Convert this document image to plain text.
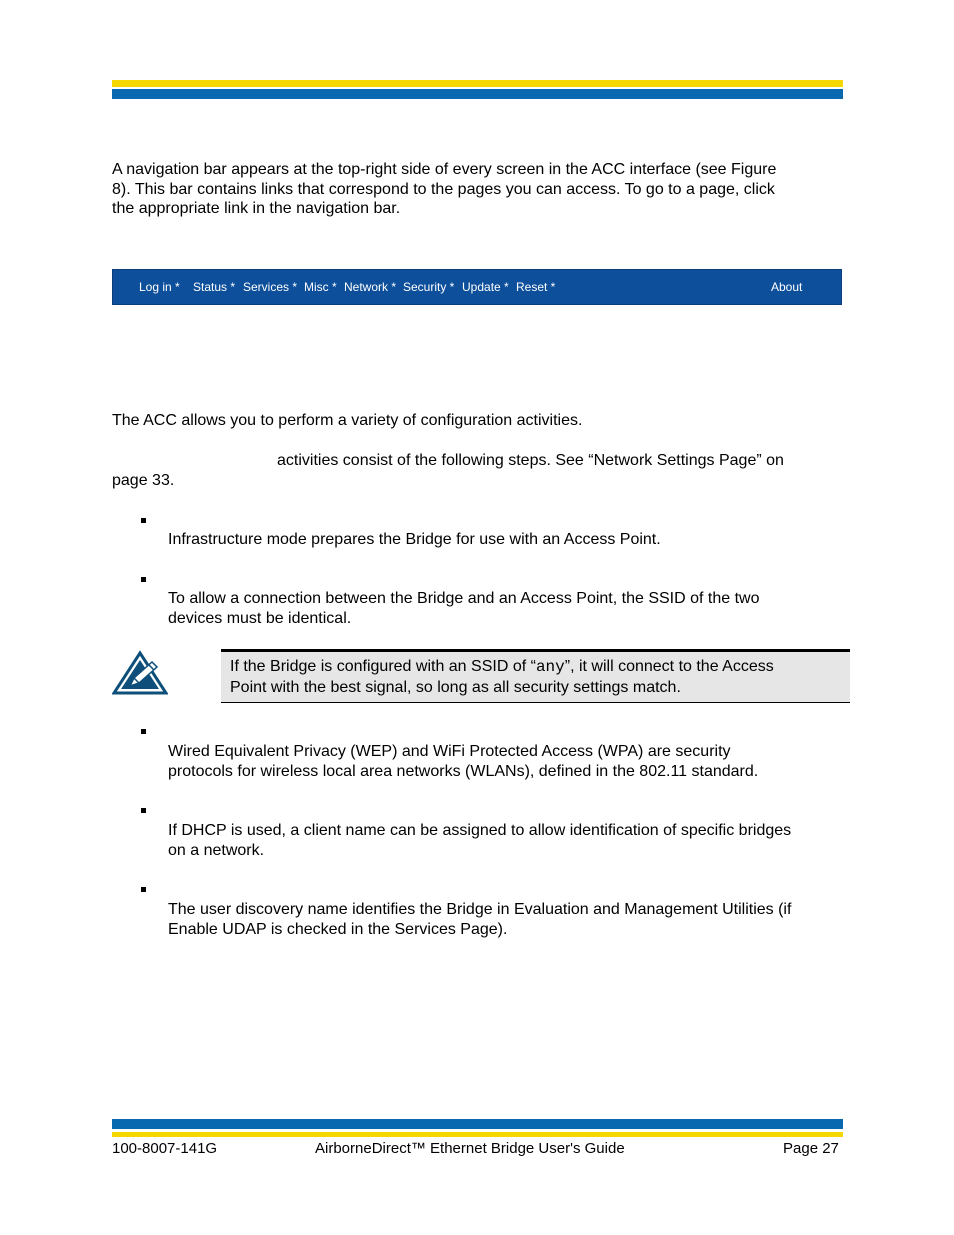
A navigation bar appears at the top-right side of every screen in the ACC interface (see Figure
8). This bar contains links that correspond to the pages you can access. To go to a page, click
the appropriate link in the navigation bar.
Log in * Status * Services * Misc * Network * Security * Update * Reset *	About
The ACC allows you to perform a variety of configuration activities.
activities consist of the following steps. See “Network Settings Page” on
page 33.
Infrastructure mode prepares the Bridge for use with an Access Point.
To allow a connection between the Bridge and an Access Point, the SSID of the two
devices must be identical.
If the Bridge is configured with an SSID of “any”, it will connect to the Access
Point with the best signal, so long as all security settings match.
Wired Equivalent Privacy (WEP) and WiFi Protected Access (WPA) are security
protocols for wireless local area networks (WLANs), defined in the 802.11 standard.
If DHCP is used, a client name can be assigned to allow identification of specific bridges
on a network.
The user discovery name identifies the Bridge in Evaluation and Management Utilities (if
Enable UDAP is checked in the Services Page).
100-8007-141G	AirborneDirect™ Ethernet Bridge User's Guide	Page 27
